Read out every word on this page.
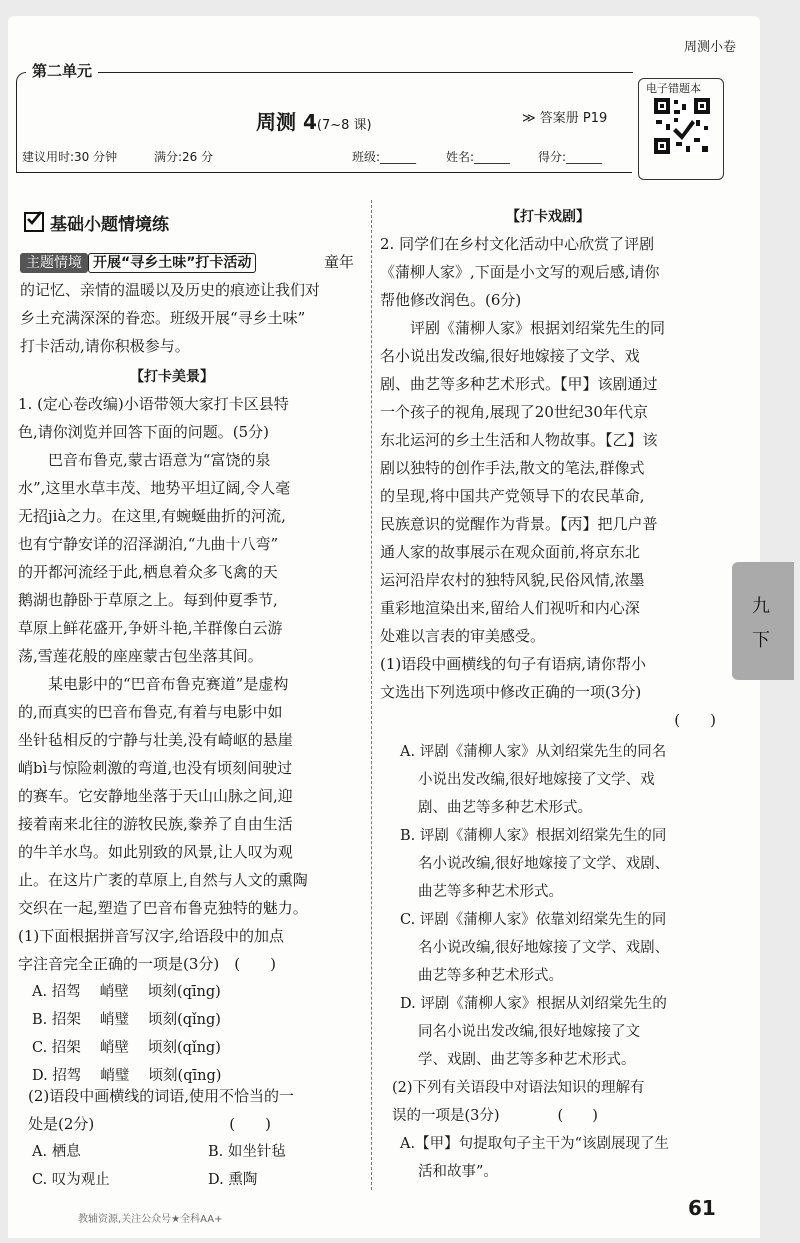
周测小卷
第二单元
周测 4(7~8 课)	≫ 答案册 P19
建议用时:30 分钟	满分:26 分	班级:______ 姓名:______ 得分:______
电子错题本
基础小题情境练
主题情境 开展“寻乡土味”打卡活动	童年
的记忆、亲情的温暖以及历史的痕迹让我们对
乡土充满深深的眷恋。班级开展“寻乡土味”
打卡活动,请你积极参与。
【打卡美景】
1. (定心卷改编)小语带领大家打卡区县特
色,请你浏览并回答下面的问题。(5分)
　　巴音布鲁克,蒙古语意为“富饶的泉
水”,这里水草丰茂、地势平坦辽阔,令人毫
无招jià之力。在这里,有蜿蜒曲折的河流,
也有宁静安详的沼泽湖泊,“九曲十八弯”
的开都河流经于此,栖息着众多飞禽的天
鹅湖也静卧于草原之上。每到仲夏季节,
草原上鲜花盛开,争妍斗艳,羊群像白云游
荡,雪莲花般的座座蒙古包坐落其间。
　　某电影中的“巴音布鲁克赛道”是虚构
的,而真实的巴音布鲁克,有着与电影中如
坐针毡相反的宁静与壮美,没有崎岖的悬崖
峭bì与惊险刺激的弯道,也没有顷刻间驶过
的赛车。它安静地坐落于天山山脉之间,迎
接着南来北往的游牧民族,豢养了自由生活
的牛羊水鸟。如此别致的风景,让人叹为观
止。在这片广袤的草原上,自然与人文的熏陶
交织在一起,塑造了巴音布鲁克独特的魅力。
(1)下面根据拼音写汉字,给语段中的加点
字注音完全正确的一项是(3分)　(　　)
A. 招驾　 峭壁　 顷刻(qīng)
B. 招架　 峭璧　 顷刻(qǐng)
C. 招架　 峭壁　 顷刻(qǐng)
D. 招驾　 峭璧　 顷刻(qīng)
(2)语段中画横线的词语,使用不恰当的一
处是(2分)　　　　　　　　　(　　)
A. 栖息	B. 如坐针毡
C. 叹为观止	D. 熏陶
【打卡戏剧】
2. 同学们在乡村文化活动中心欣赏了评剧
《蒲柳人家》,下面是小文写的观后感,请你
帮他修改润色。(6分)
　　评剧《蒲柳人家》根据刘绍棠先生的同
名小说出发改编,很好地嫁接了文学、戏
剧、曲艺等多种艺术形式。【甲】该剧通过
一个孩子的视角,展现了20世纪30年代京
东北运河的乡土生活和人物故事。【乙】该
剧以独特的创作手法,散文的笔法,群像式
的呈现,将中国共产党领导下的农民革命,
民族意识的觉醒作为背景。【丙】把几户普
通人家的故事展示在观众面前,将京东北
运河沿岸农村的独特风貌,民俗风情,浓墨
重彩地渲染出来,留给人们视听和内心深
处难以言表的审美感受。
(1)语段中画横线的句子有语病,请你帮小
文选出下列选项中修改正确的一项(3分)
(　　)
A. 评剧《蒲柳人家》从刘绍棠先生的同名
小说出发改编,很好地嫁接了文学、戏
剧、曲艺等多种艺术形式。
B. 评剧《蒲柳人家》根据刘绍棠先生的同
名小说改编,很好地嫁接了文学、戏剧、
曲艺等多种艺术形式。
C. 评剧《蒲柳人家》依靠刘绍棠先生的同
名小说改编,很好地嫁接了文学、戏剧、
曲艺等多种艺术形式。
D. 评剧《蒲柳人家》根据从刘绍棠先生的
同名小说出发改编,很好地嫁接了文
学、戏剧、曲艺等多种艺术形式。
(2)下列有关语段中对语法知识的理解有
误的一项是(3分)　　　　(　　)
A.【甲】句提取句子主干为“该剧展现了生
活和故事”。
九
下
61
教辅资源,关注公众号★全科AA+
